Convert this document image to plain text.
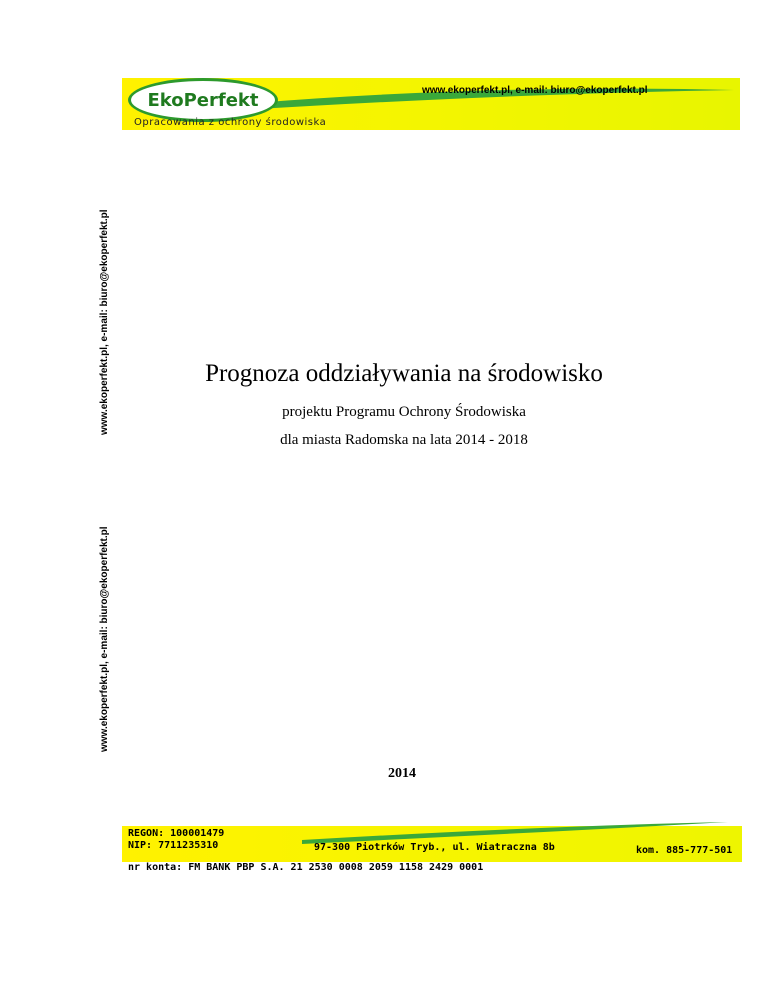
EkoPerfekt
Opracowania z ochrony środowiska
www.ekoperfekt.pl, e-mail: biuro@ekoperfekt.pl
www.ekoperfekt.pl, e-mail: biuro@ekoperfekt.pl
www.ekoperfekt.pl, e-mail: biuro@ekoperfekt.pl
Prognoza oddziaływania na środowisko
projektu Programu Ochrony Środowiska
dla miasta Radomska na lata 2014 - 2018
2014
REGON: 100001479
NIP: 7711235310	97-300 Piotrków Tryb., ul. Wiatraczna 8b	kom. 885-777-501
nr konta: FM BANK PBP S.A. 21 2530 0008 2059 1158 2429 0001
